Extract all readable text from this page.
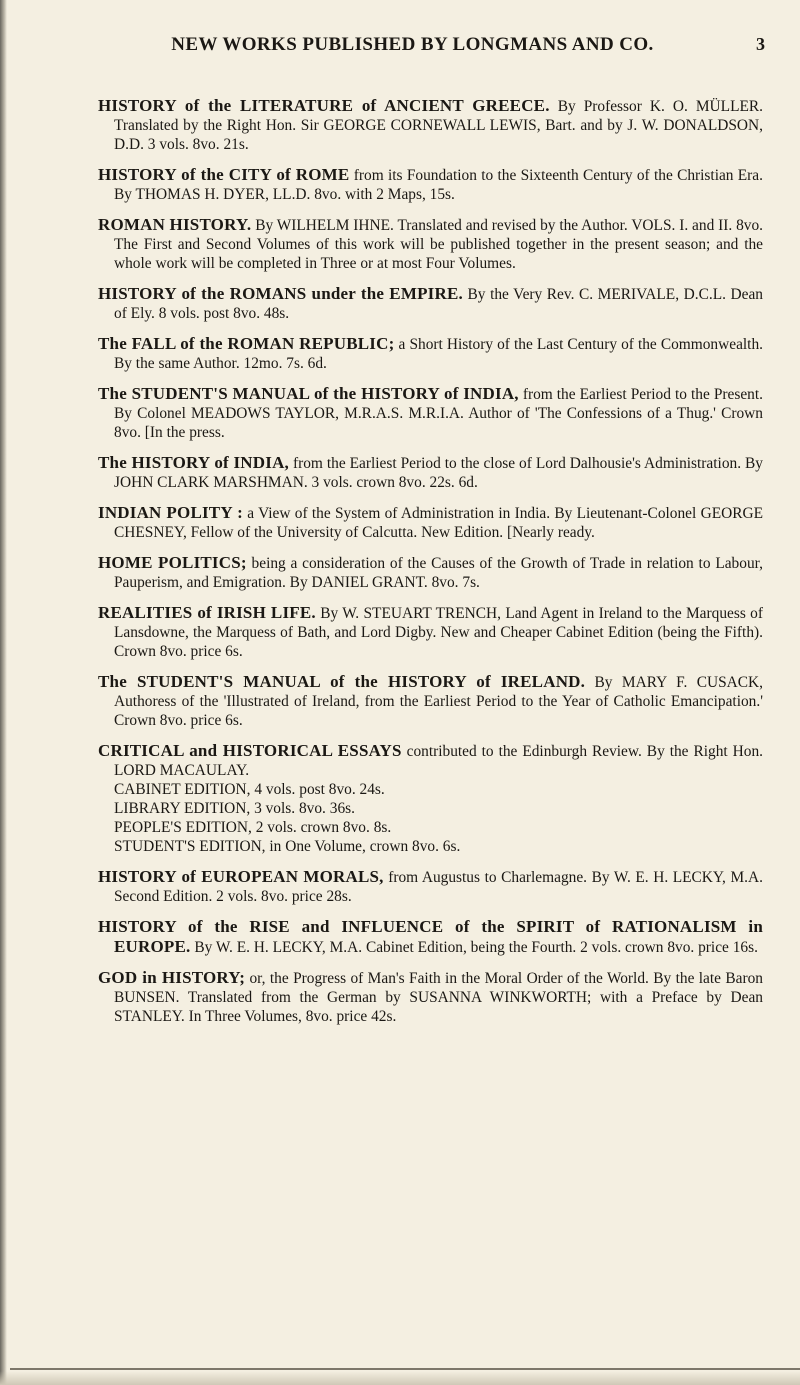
NEW WORKS PUBLISHED BY LONGMANS AND CO.	3

HISTORY of the LITERATURE of ANCIENT GREECE. By Professor K. O. MÜLLER. Translated by the Right Hon. Sir GEORGE CORNEWALL LEWIS, Bart. and by J. W. DONALDSON, D.D. 3 vols. 8vo. 21s.

HISTORY of the CITY of ROME from its Foundation to the Sixteenth Century of the Christian Era. By THOMAS H. DYER, LL.D. 8vo. with 2 Maps, 15s.

ROMAN HISTORY. By WILHELM IHNE. Translated and revised by the Author. VOLS. I. and II. 8vo. The First and Second Volumes of this work will be published together in the present season; and the whole work will be completed in Three or at most Four Volumes.

HISTORY of the ROMANS under the EMPIRE. By the Very Rev. C. MERIVALE, D.C.L. Dean of Ely. 8 vols. post 8vo. 48s.

The FALL of the ROMAN REPUBLIC; a Short History of the Last Century of the Commonwealth. By the same Author. 12mo. 7s. 6d.

The STUDENT'S MANUAL of the HISTORY of INDIA, from the Earliest Period to the Present. By Colonel MEADOWS TAYLOR, M.R.A.S. M.R.I.A. Author of 'The Confessions of a Thug.' Crown 8vo. [In the press.

The HISTORY of INDIA, from the Earliest Period to the close of Lord Dalhousie's Administration. By JOHN CLARK MARSHMAN. 3 vols. crown 8vo. 22s. 6d.

INDIAN POLITY : a View of the System of Administration in India. By Lieutenant-Colonel GEORGE CHESNEY, Fellow of the University of Calcutta. New Edition. [Nearly ready.

HOME POLITICS; being a consideration of the Causes of the Growth of Trade in relation to Labour, Pauperism, and Emigration. By DANIEL GRANT. 8vo. 7s.

REALITIES of IRISH LIFE. By W. STEUART TRENCH, Land Agent in Ireland to the Marquess of Lansdowne, the Marquess of Bath, and Lord Digby. New and Cheaper Cabinet Edition (being the Fifth). Crown 8vo. price 6s.

The STUDENT'S MANUAL of the HISTORY of IRELAND. By MARY F. CUSACK, Authoress of the 'Illustrated of Ireland, from the Earliest Period to the Year of Catholic Emancipation.' Crown 8vo. price 6s.

CRITICAL and HISTORICAL ESSAYS contributed to the Edinburgh Review. By the Right Hon. LORD MACAULAY.
CABINET EDITION, 4 vols. post 8vo. 24s.
LIBRARY EDITION, 3 vols. 8vo. 36s.
PEOPLE'S EDITION, 2 vols. crown 8vo. 8s.
STUDENT'S EDITION, in One Volume, crown 8vo. 6s.

HISTORY of EUROPEAN MORALS, from Augustus to Charlemagne. By W. E. H. LECKY, M.A. Second Edition. 2 vols. 8vo. price 28s.

HISTORY of the RISE and INFLUENCE of the SPIRIT of RATIONALISM in EUROPE. By W. E. H. LECKY, M.A. Cabinet Edition, being the Fourth. 2 vols. crown 8vo. price 16s.

GOD in HISTORY; or, the Progress of Man's Faith in the Moral Order of the World. By the late Baron BUNSEN. Translated from the German by SUSANNA WINKWORTH; with a Preface by Dean STANLEY. In Three Volumes, 8vo. price 42s.
